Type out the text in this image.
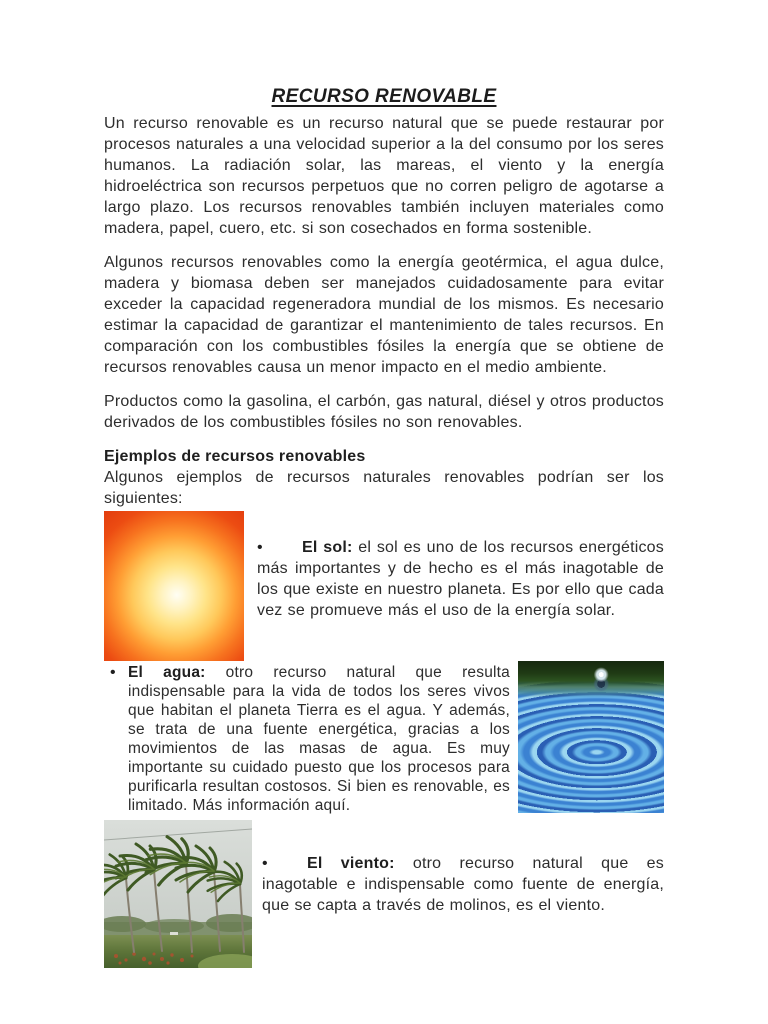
RECURSO RENOVABLE

Un recurso renovable es un recurso natural que se puede restaurar por procesos naturales a una velocidad superior a la del consumo por los seres humanos. La radiación solar, las mareas, el viento y la energía hidroeléctrica son recursos perpetuos que no corren peligro de agotarse a largo plazo. Los recursos renovables también incluyen materiales como madera, papel, cuero, etc. si son cosechados en forma sostenible.

Algunos recursos renovables como la energía geotérmica, el agua dulce, madera y biomasa deben ser manejados cuidadosamente para evitar exceder la capacidad regeneradora mundial de los mismos. Es necesario estimar la capacidad de garantizar el mantenimiento de tales recursos. En comparación con los combustibles fósiles la energía que se obtiene de recursos renovables causa un menor impacto en el medio ambiente.

Productos como la gasolina, el carbón, gas natural, diésel y otros productos derivados de los combustibles fósiles no son renovables.

Ejemplos de recursos renovables

Algunos ejemplos de recursos naturales renovables podrían ser los siguientes:

• El sol: el sol es uno de los recursos energéticos más importantes y de hecho es el más inagotable de los que existe en nuestro planeta. Es por ello que cada vez se promueve más el uso de la energía solar.

• El agua: otro recurso natural que resulta indispensable para la vida de todos los seres vivos que habitan el planeta Tierra es el agua. Y además, se trata de una fuente energética, gracias a los movimientos de las masas de agua. Es muy importante su cuidado puesto que los procesos para purificarla resultan costosos. Si bien es renovable, es limitado. Más información aquí.

• El viento: otro recurso natural que es inagotable e indispensable como fuente de energía, que se capta a través de molinos, es el viento.
